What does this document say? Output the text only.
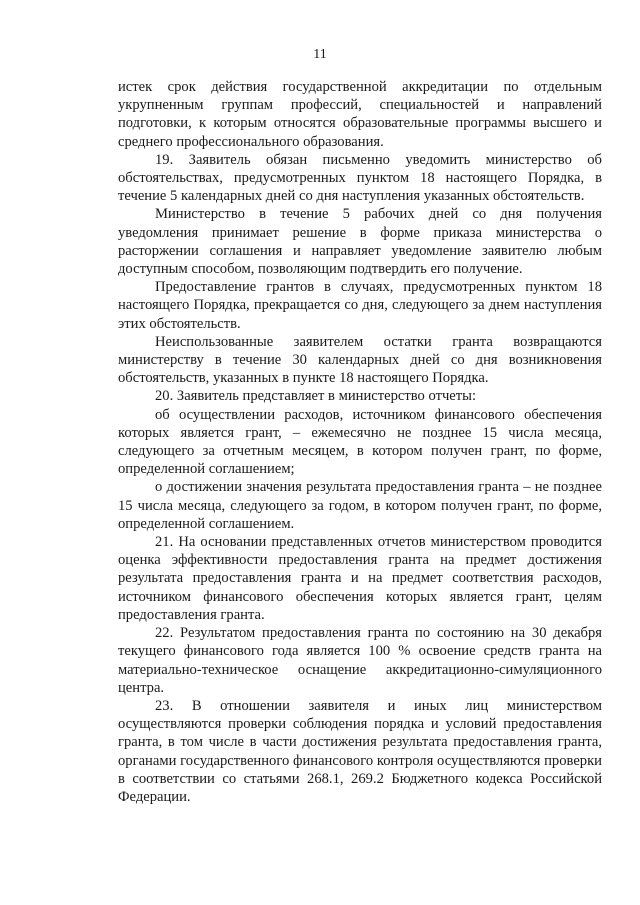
11

истек срок действия государственной аккредитации по отдельным укрупненным группам профессий, специальностей и направлений подготовки, к которым относятся образовательные программы высшего и среднего профессионального образования.

19. Заявитель обязан письменно уведомить министерство об обстоятельствах, предусмотренных пунктом 18 настоящего Порядка, в течение 5 календарных дней со дня наступления указанных обстоятельств.

Министерство в течение 5 рабочих дней со дня получения уведомления принимает решение в форме приказа министерства о расторжении соглашения и направляет уведомление заявителю любым доступным способом, позволяющим подтвердить его получение.

Предоставление грантов в случаях, предусмотренных пунктом 18 настоящего Порядка, прекращается со дня, следующего за днем наступления этих обстоятельств.

Неиспользованные заявителем остатки гранта возвращаются министерству в течение 30 календарных дней со дня возникновения обстоятельств, указанных в пункте 18 настоящего Порядка.

20. Заявитель представляет в министерство отчеты:

об осуществлении расходов, источником финансового обеспечения которых является грант, – ежемесячно не позднее 15 числа месяца, следующего за отчетным месяцем, в котором получен грант, по форме, определенной соглашением;

о достижении значения результата предоставления гранта – не позднее 15 числа месяца, следующего за годом, в котором получен грант, по форме, определенной соглашением.

21. На основании представленных отчетов министерством проводится оценка эффективности предоставления гранта на предмет достижения результата предоставления гранта и на предмет соответствия расходов, источником финансового обеспечения которых является грант, целям предоставления гранта.

22. Результатом предоставления гранта по состоянию на 30 декабря текущего финансового года является 100 % освоение средств гранта на материально-техническое оснащение аккредитационно-симуляционного центра.

23. В отношении заявителя и иных лиц министерством осуществляются проверки соблюдения порядка и условий предоставления гранта, в том числе в части достижения результата предоставления гранта, органами государственного финансового контроля осуществляются проверки в соответствии со статьями 268.1, 269.2 Бюджетного кодекса Российской Федерации.
